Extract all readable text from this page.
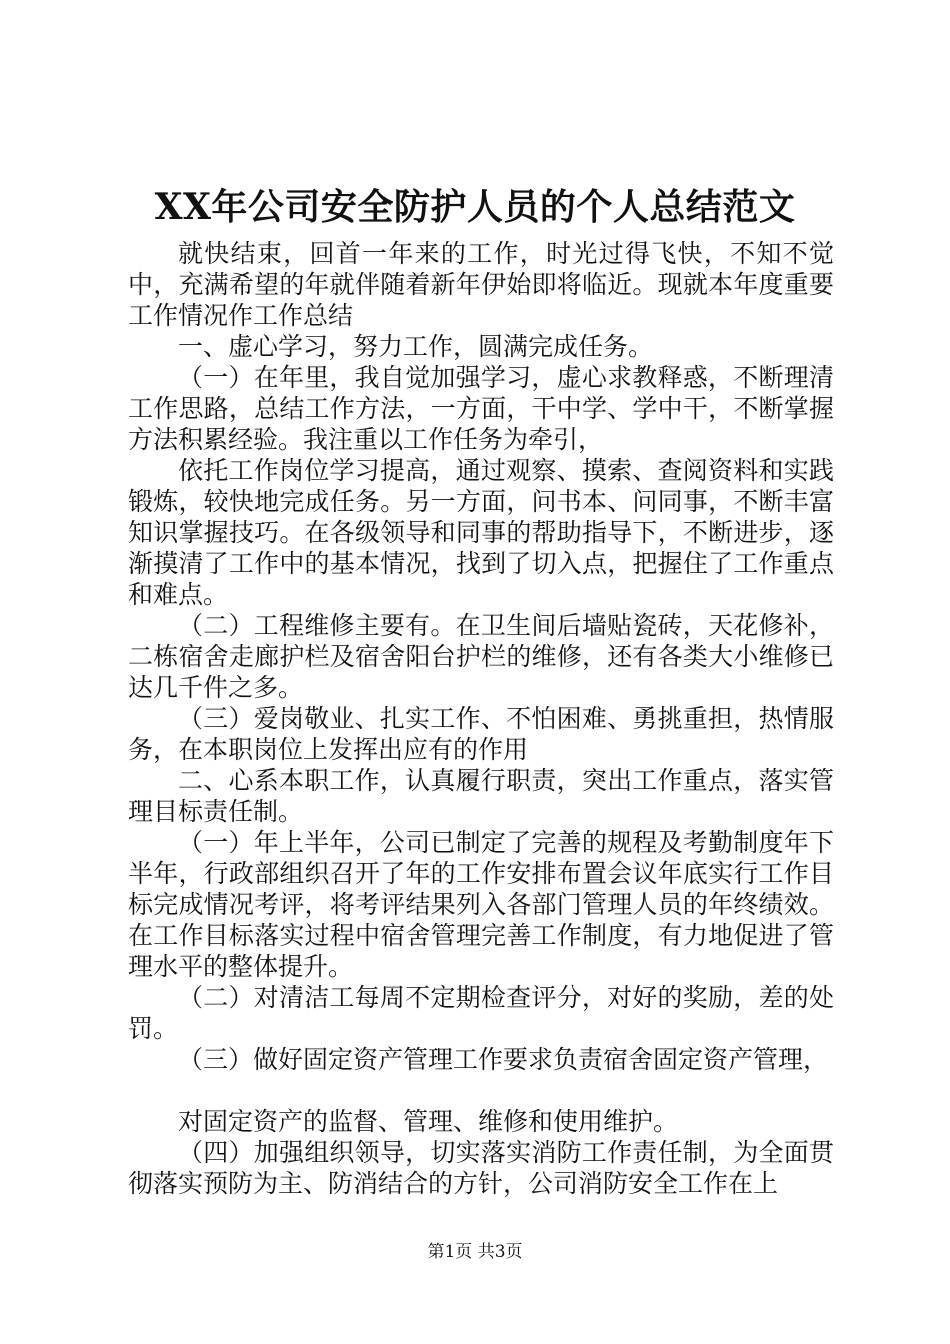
XX年公司安全防护人员的个人总结范文

就快结束，回首一年来的工作，时光过得飞快，不知不觉中，充满希望的年就伴随着新年伊始即将临近。现就本年度重要工作情况作工作总结

一、虚心学习，努力工作，圆满完成任务。

（一）在年里，我自觉加强学习，虚心求教释惑，不断理清工作思路，总结工作方法，一方面，干中学、学中干，不断掌握方法积累经验。我注重以工作任务为牵引，

依托工作岗位学习提高，通过观察、摸索、查阅资料和实践锻炼，较快地完成任务。另一方面，问书本、问同事，不断丰富知识掌握技巧。在各级领导和同事的帮助指导下，不断进步，逐渐摸清了工作中的基本情况，找到了切入点，把握住了工作重点和难点。

（二）工程维修主要有。在卫生间后墙贴瓷砖，天花修补，二栋宿舍走廊护栏及宿舍阳台护栏的维修，还有各类大小维修已达几千件之多。

（三）爱岗敬业、扎实工作、不怕困难、勇挑重担，热情服务，在本职岗位上发挥出应有的作用

二、心系本职工作，认真履行职责，突出工作重点，落实管理目标责任制。

（一）年上半年，公司已制定了完善的规程及考勤制度年下半年，行政部组织召开了年的工作安排布置会议年底实行工作目标完成情况考评，将考评结果列入各部门管理人员的年终绩效。在工作目标落实过程中宿舍管理完善工作制度，有力地促进了管理水平的整体提升。

（二）对清洁工每周不定期检查评分，对好的奖励，差的处罚。

（三）做好固定资产管理工作要求负责宿舍固定资产管理，

对固定资产的监督、管理、维修和使用维护。

（四）加强组织领导，切实落实消防工作责任制，为全面贯彻落实预防为主、防消结合的方针，公司消防安全工作在上

第1页 共3页
